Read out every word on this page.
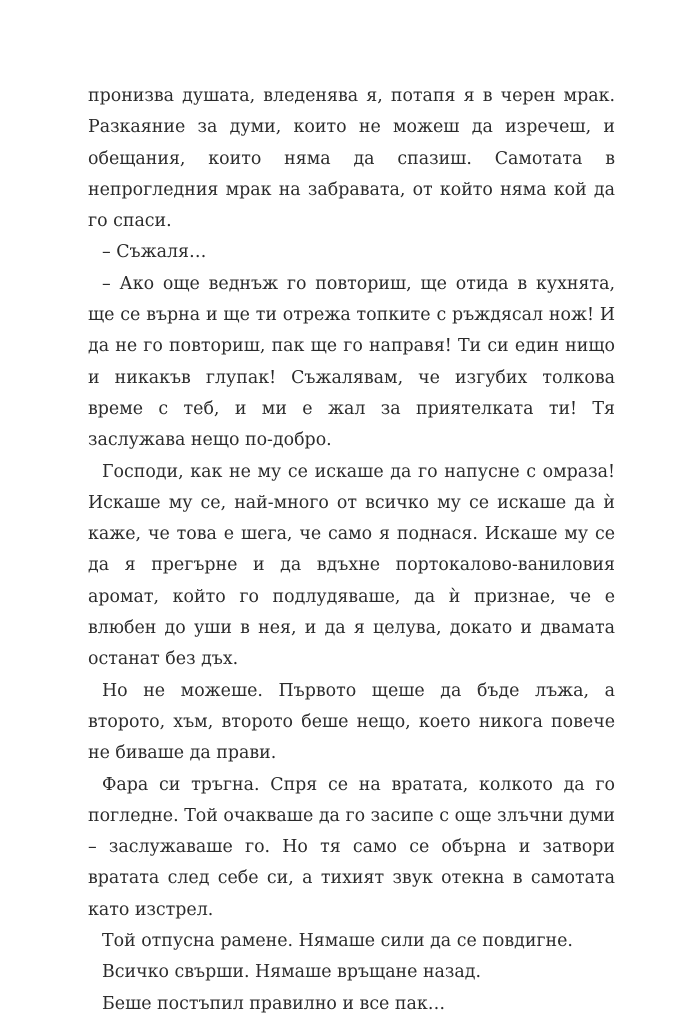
пронизва душата, вледенява я, потапя я в черен мрак. Разкаяние за думи, които не можеш да изречеш, и обещания, които няма да спазиш. Самотата в непрогледния мрак на забравата, от който няма кой да го спаси.

– Съжаля…

– Ако още веднъж го повториш, ще отида в кухнята, ще се върна и ще ти отрежа топките с ръждясал нож! И да не го повториш, пак ще го направя! Ти си един нищо и никакъв глупак! Съжалявам, че изгубих толкова време с теб, и ми е жал за приятелката ти! Тя заслужава нещо по-добро.

Господи, как не му се искаше да го напусне с омраза! Искаше му се, най-много от всичко му се искаше да ѝ каже, че това е шега, че само я поднася. Искаше му се да я прегърне и да вдъхне портокалово-ваниловия аромат, който го подлудяваше, да ѝ признае, че е влюбен до уши в нея, и да я целува, докато и двамата останат без дъх.

Но не можеше. Първото щеше да бъде лъжа, а второто, хъм, второто беше нещо, което никога повече не биваше да прави.

Фара си тръгна. Спря се на вратата, колкото да го погледне. Той очакваше да го засипе с още злъчни думи – заслужаваше го. Но тя само се обърна и затвори вратата след себе си, а тихият звук отекна в самотата като изстрел.

Той отпусна рамене. Нямаше сили да се повдигне.

Всичко свърши. Нямаше връщане назад.

Беше постъпил правилно и все пак…
